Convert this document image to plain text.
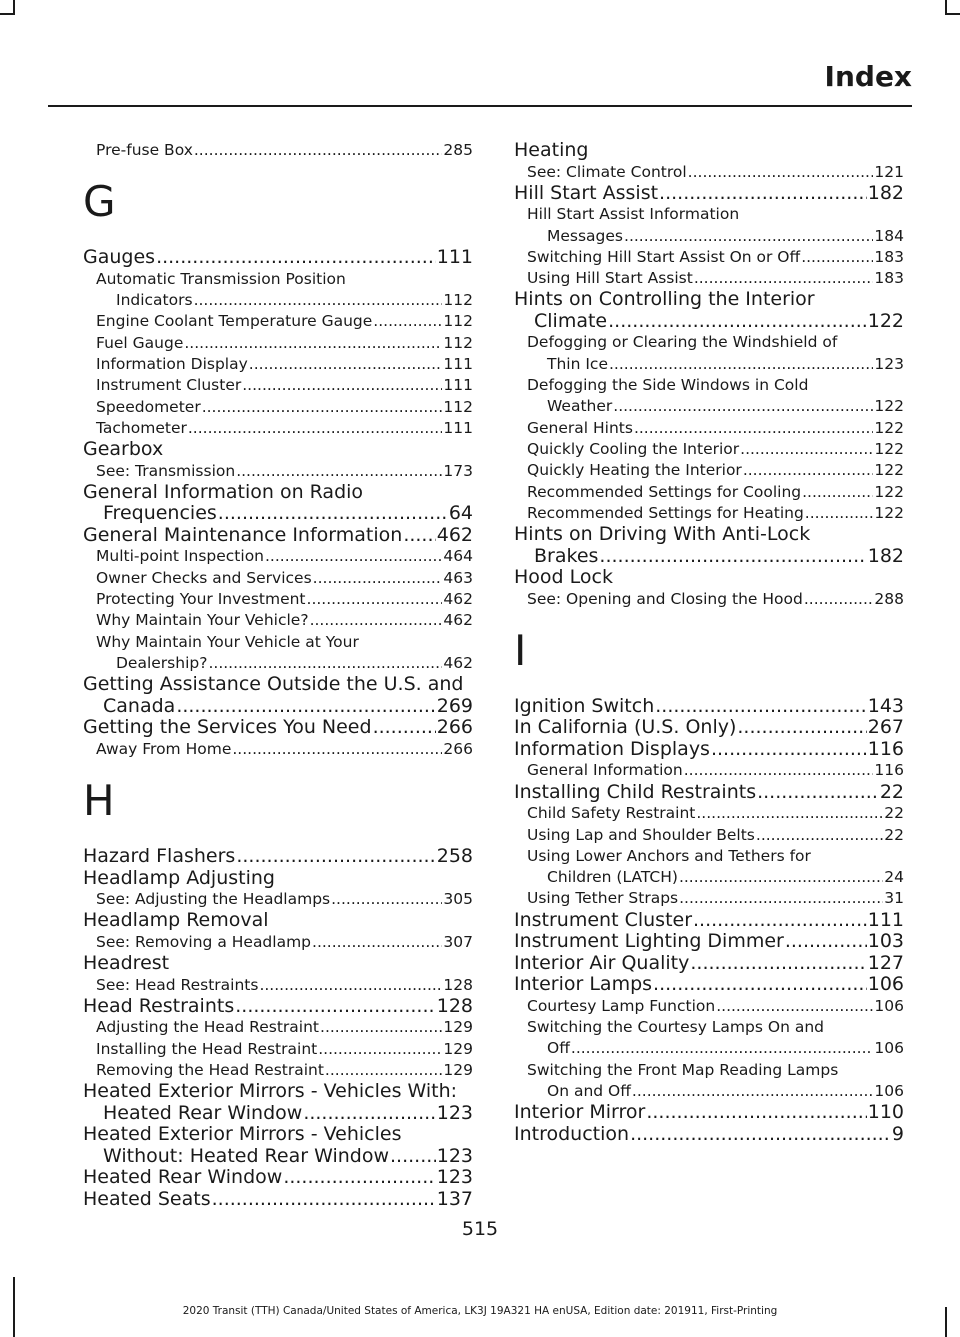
Index
Pre-fuse Box .....	285
G
Gauges .....	111
Automatic Transmission Position
Indicators .....	112
Engine Coolant Temperature Gauge .....	112
Fuel Gauge .....	112
Information Display .....	111
Instrument Cluster .....	111
Speedometer .....	112
Tachometer .....	111
Gearbox
See: Transmission .....	173
General Information on Radio
Frequencies .....	64
General Maintenance Information ..... 462
Multi-point Inspection .....	464
Owner Checks and Services .....	463
Protecting Your Investment .....	462
Why Maintain Your Vehicle? .....	462
Why Maintain Your Vehicle at Your
Dealership? .....	462
Getting Assistance Outside the U.S. and
Canada .....	269
Getting the Services You Need .....	266
Away From Home .....	266
H
Hazard Flashers .....	258
Headlamp Adjusting
See: Adjusting the Headlamps .....	305
Headlamp Removal
See: Removing a Headlamp .....	307
Headrest
See: Head Restraints .....	128
Head Restraints .....	128
Adjusting the Head Restraint .....	129
Installing the Head Restraint .....	129
Removing the Head Restraint .....	129
Heated Exterior Mirrors - Vehicles With:
Heated Rear Window .....	123
Heated Exterior Mirrors - Vehicles
Without: Heated Rear Window .....	123
Heated Rear Window .....	123
Heated Seats .....	137
Heating
See: Climate Control .....	121
Hill Start Assist .....	182
Hill Start Assist Information
Messages .....	184
Switching Hill Start Assist On or Off .....	183
Using Hill Start Assist .....	183
Hints on Controlling the Interior
Climate .....	122
Defogging or Clearing the Windshield of
Thin Ice .....	123
Defogging the Side Windows in Cold
Weather .....	122
General Hints .....	122
Quickly Cooling the Interior .....	122
Quickly Heating the Interior .....	122
Recommended Settings for Cooling .....	122
Recommended Settings for Heating .....	122
Hints on Driving With Anti-Lock
Brakes .....	182
Hood Lock
See: Opening and Closing the Hood .....	288
I
Ignition Switch .....	143
In California (U.S. Only) .....	267
Information Displays .....	116
General Information .....	116
Installing Child Restraints .....	22
Child Safety Restraint .....	22
Using Lap and Shoulder Belts .....	22
Using Lower Anchors and Tethers for
Children (LATCH) .....	24
Using Tether Straps .....	31
Instrument Cluster .....	111
Instrument Lighting Dimmer .....	103
Interior Air Quality .....	127
Interior Lamps .....	106
Courtesy Lamp Function .....	106
Switching the Courtesy Lamps On and
Off .....	106
Switching the Front Map Reading Lamps
On and Off .....	106
Interior Mirror .....	110
Introduction .....	9
515
2020 Transit (TTH) Canada/United States of America, LK3J 19A321 HA enUSA, Edition date: 201911, First-Printing
